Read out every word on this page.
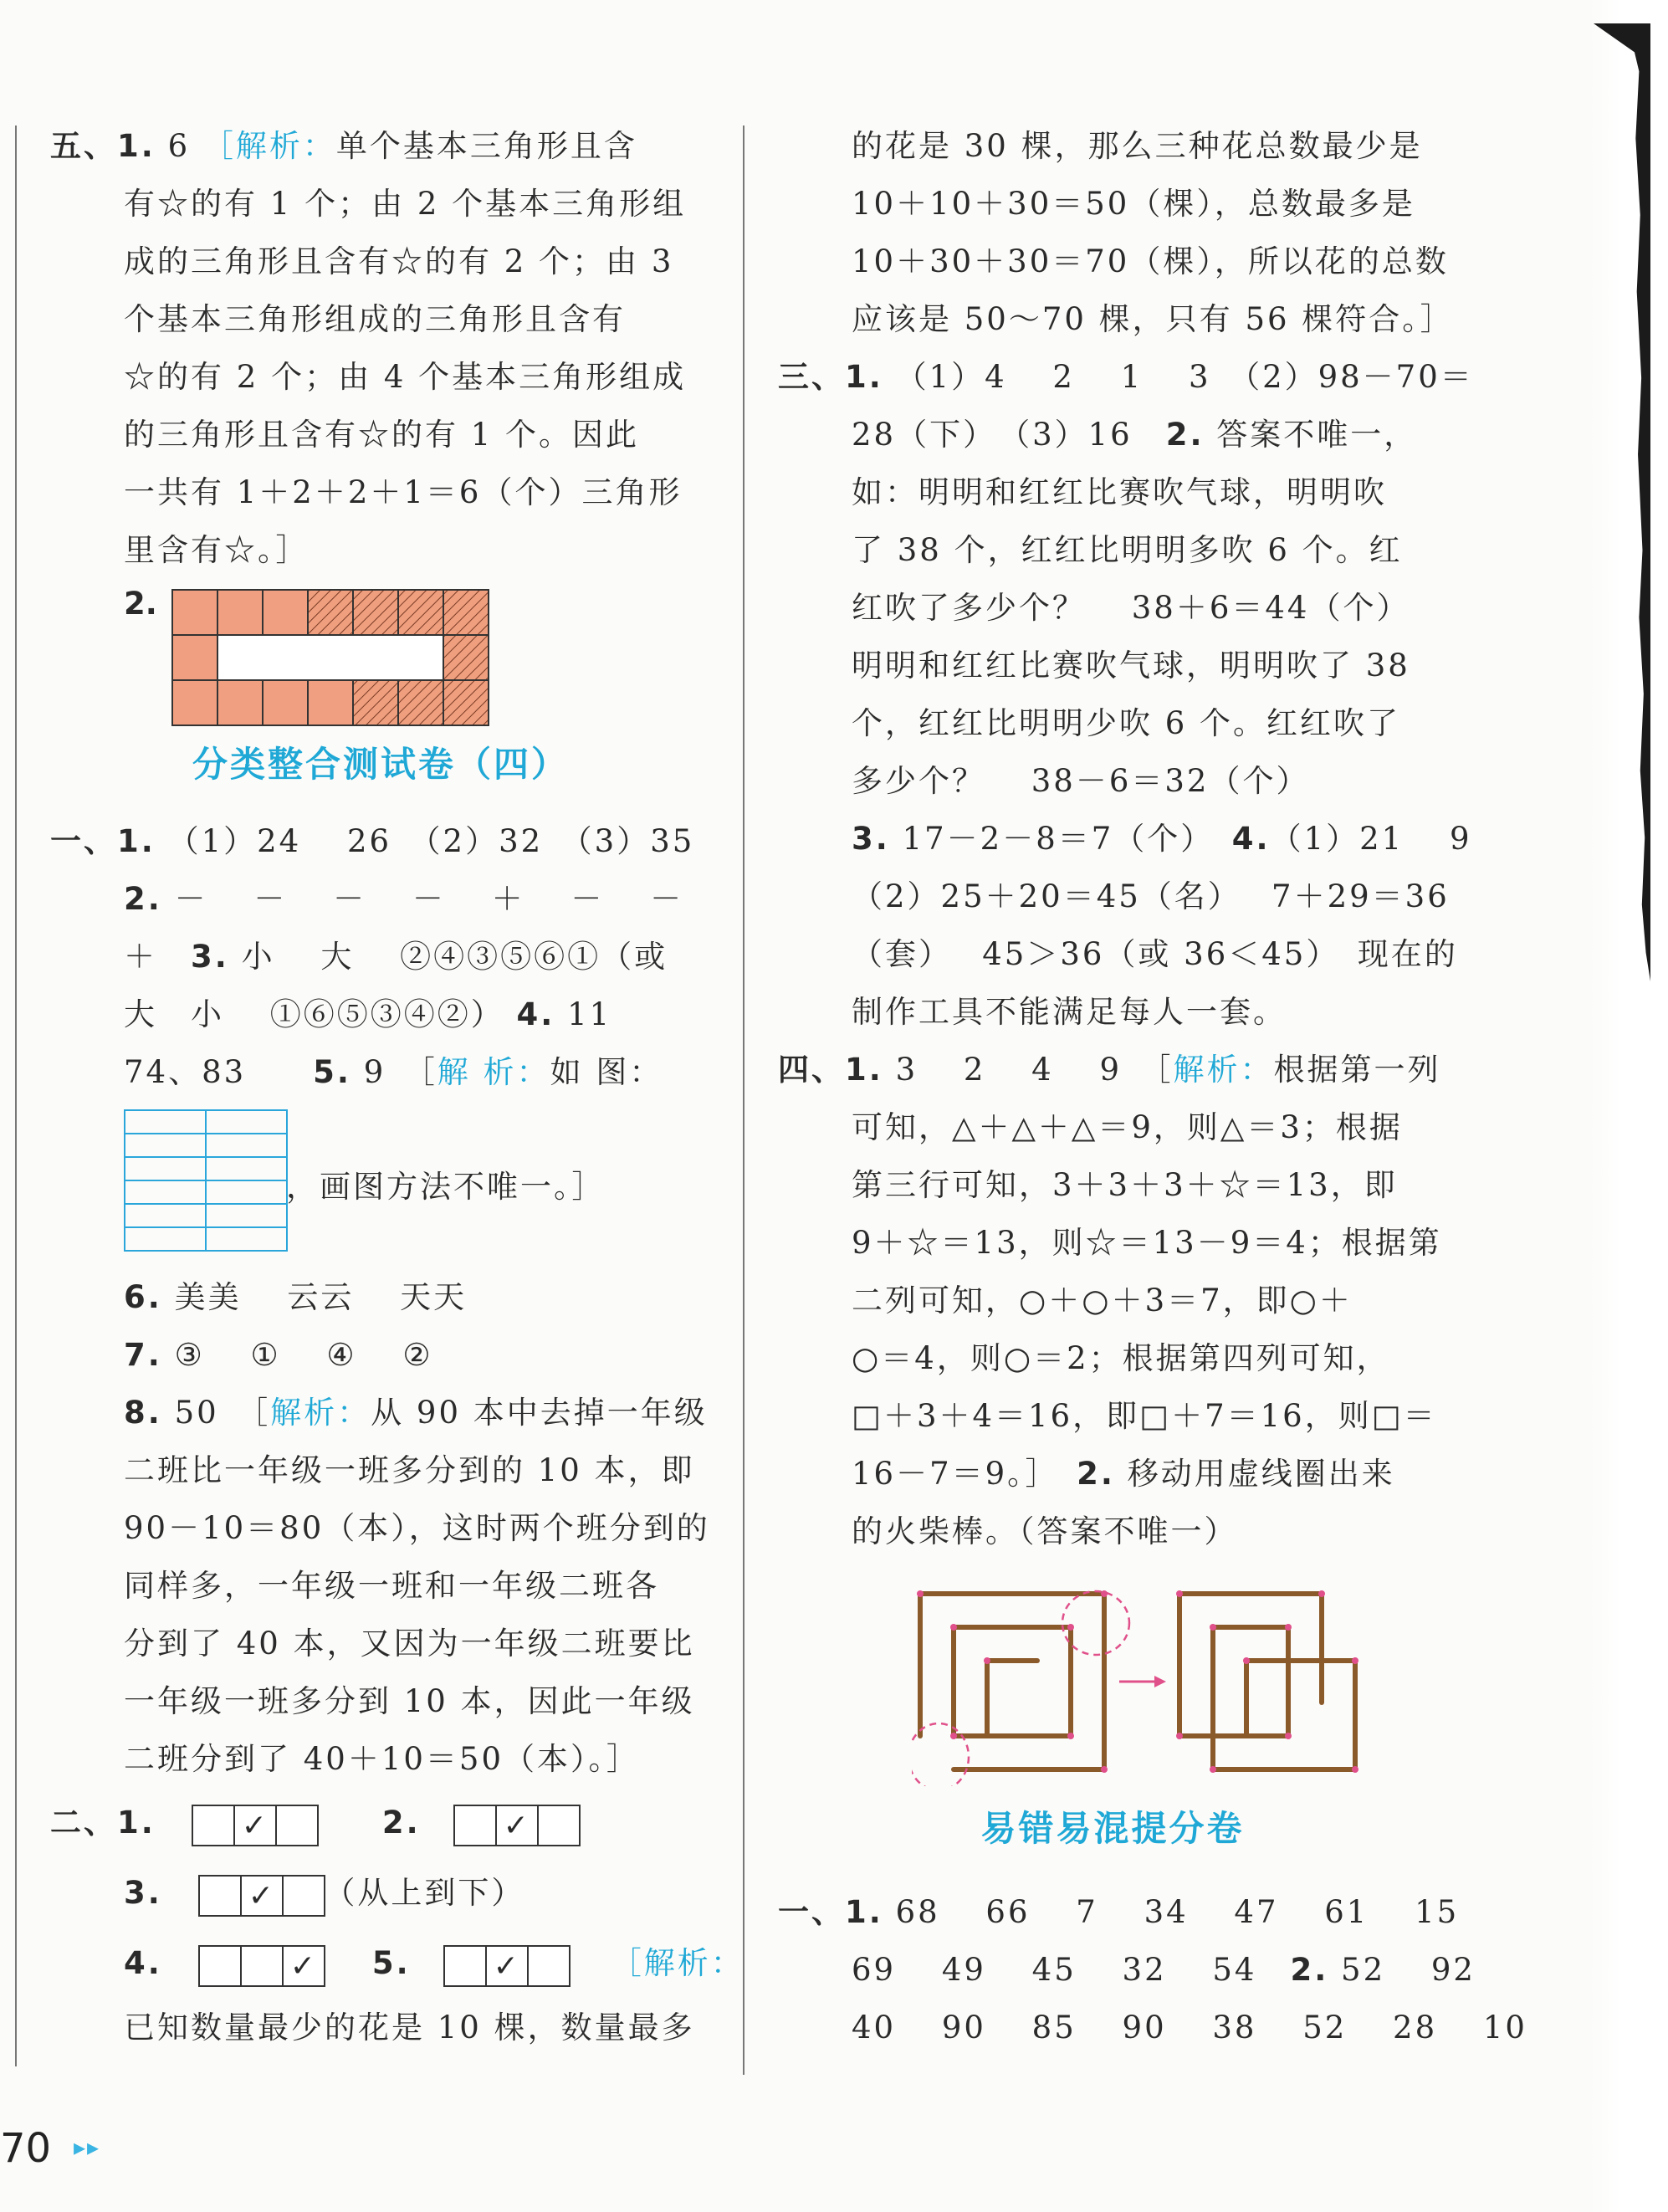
五、1. 6 ［解析：单个基本三角形且含
有☆的有 1 个；由 2 个基本三角形组
成的三角形且含有☆的有 2 个；由 3
个基本三角形组成的三角形且含有
☆的有 2 个；由 4 个基本三角形组成
的三角形且含有☆的有 1 个。因此
一共有 1＋2＋2＋1＝6（个）三角形
里含有☆。］
2.
分类整合测试卷（四）
一、1. （1）24　 26　（2）32　（3）35
2. －　 －　 －　 －　 ＋　 －　 －
＋　3. 小　 大　 ②④③⑤⑥①（或
大　小　 ①⑥⑤③④②） 4. 11
74、83　　5. 9　［解 析：如 图：

，画图方法不唯一。］
6. 美美　 云云　 天天
7. ③　 ①　 ④　 ②
8. 50　［解析：从 90 本中去掉一年级
二班比一年级一班多分到的 10 本，即
90－10＝80（本），这时两个班分到的
同样多，一年级一班和一年级二班各
分到了 40 本，又因为一年级二班要比
一年级一班多分到 10 本，因此一年级
二班分到了 40＋10＝50（本）。］
二、1.	✓	2.	✓
3.	✓ （从上到下）
4.	✓ 5.	✓	［解析：
已知数量最少的花是 10 棵，数量最多
的花是 30 棵，那么三种花总数最少是
10＋10＋30＝50（棵），总数最多是
10＋30＋30＝70（棵），所以花的总数
应该是 50～70 棵，只有 56 棵符合。］
三、1. （1）4　 2　 1　 3　（2）98－70＝
28（下）　（3）16　2. 答案不唯一，
如：明明和红红比赛吹气球，明明吹
了 38 个，红红比明明多吹 6 个。红
红吹了多少个？　 38＋6＝44（个）
明明和红红比赛吹气球，明明吹了 38
个，红红比明明少吹 6 个。红红吹了
多少个？　 38－6＝32（个）
3. 17－2－8＝7（个）　4.（1）21　 9
（2）25＋20＝45（名）　 7＋29＝36
（套）　 45＞36（或 36＜45）　现在的
制作工具不能满足每人一套。
四、1. 3　 2　 4　 9　［解析：根据第一列
可知，△＋△＋△＝9，则△＝3；根据
第三行可知，3＋3＋3＋☆＝13，即
9＋☆＝13，则☆＝13－9＝4；根据第
二列可知，○＋○＋3＝7，即○＋
○＝4，则○＝2；根据第四列可知，
□＋3＋4＝16，即□＋7＝16，则□＝
16－7＝9。］　2. 移动用虚线圈出来
的火柴棒。（答案不唯一）
易错易混提分卷
一、1. 68　 66　 7　 34　 47　 61　 15
69　 49　 45　 32　 54　2. 52　 92
40　 90　 85　 90　 38　 52　 28　 10
70 ▸▸
